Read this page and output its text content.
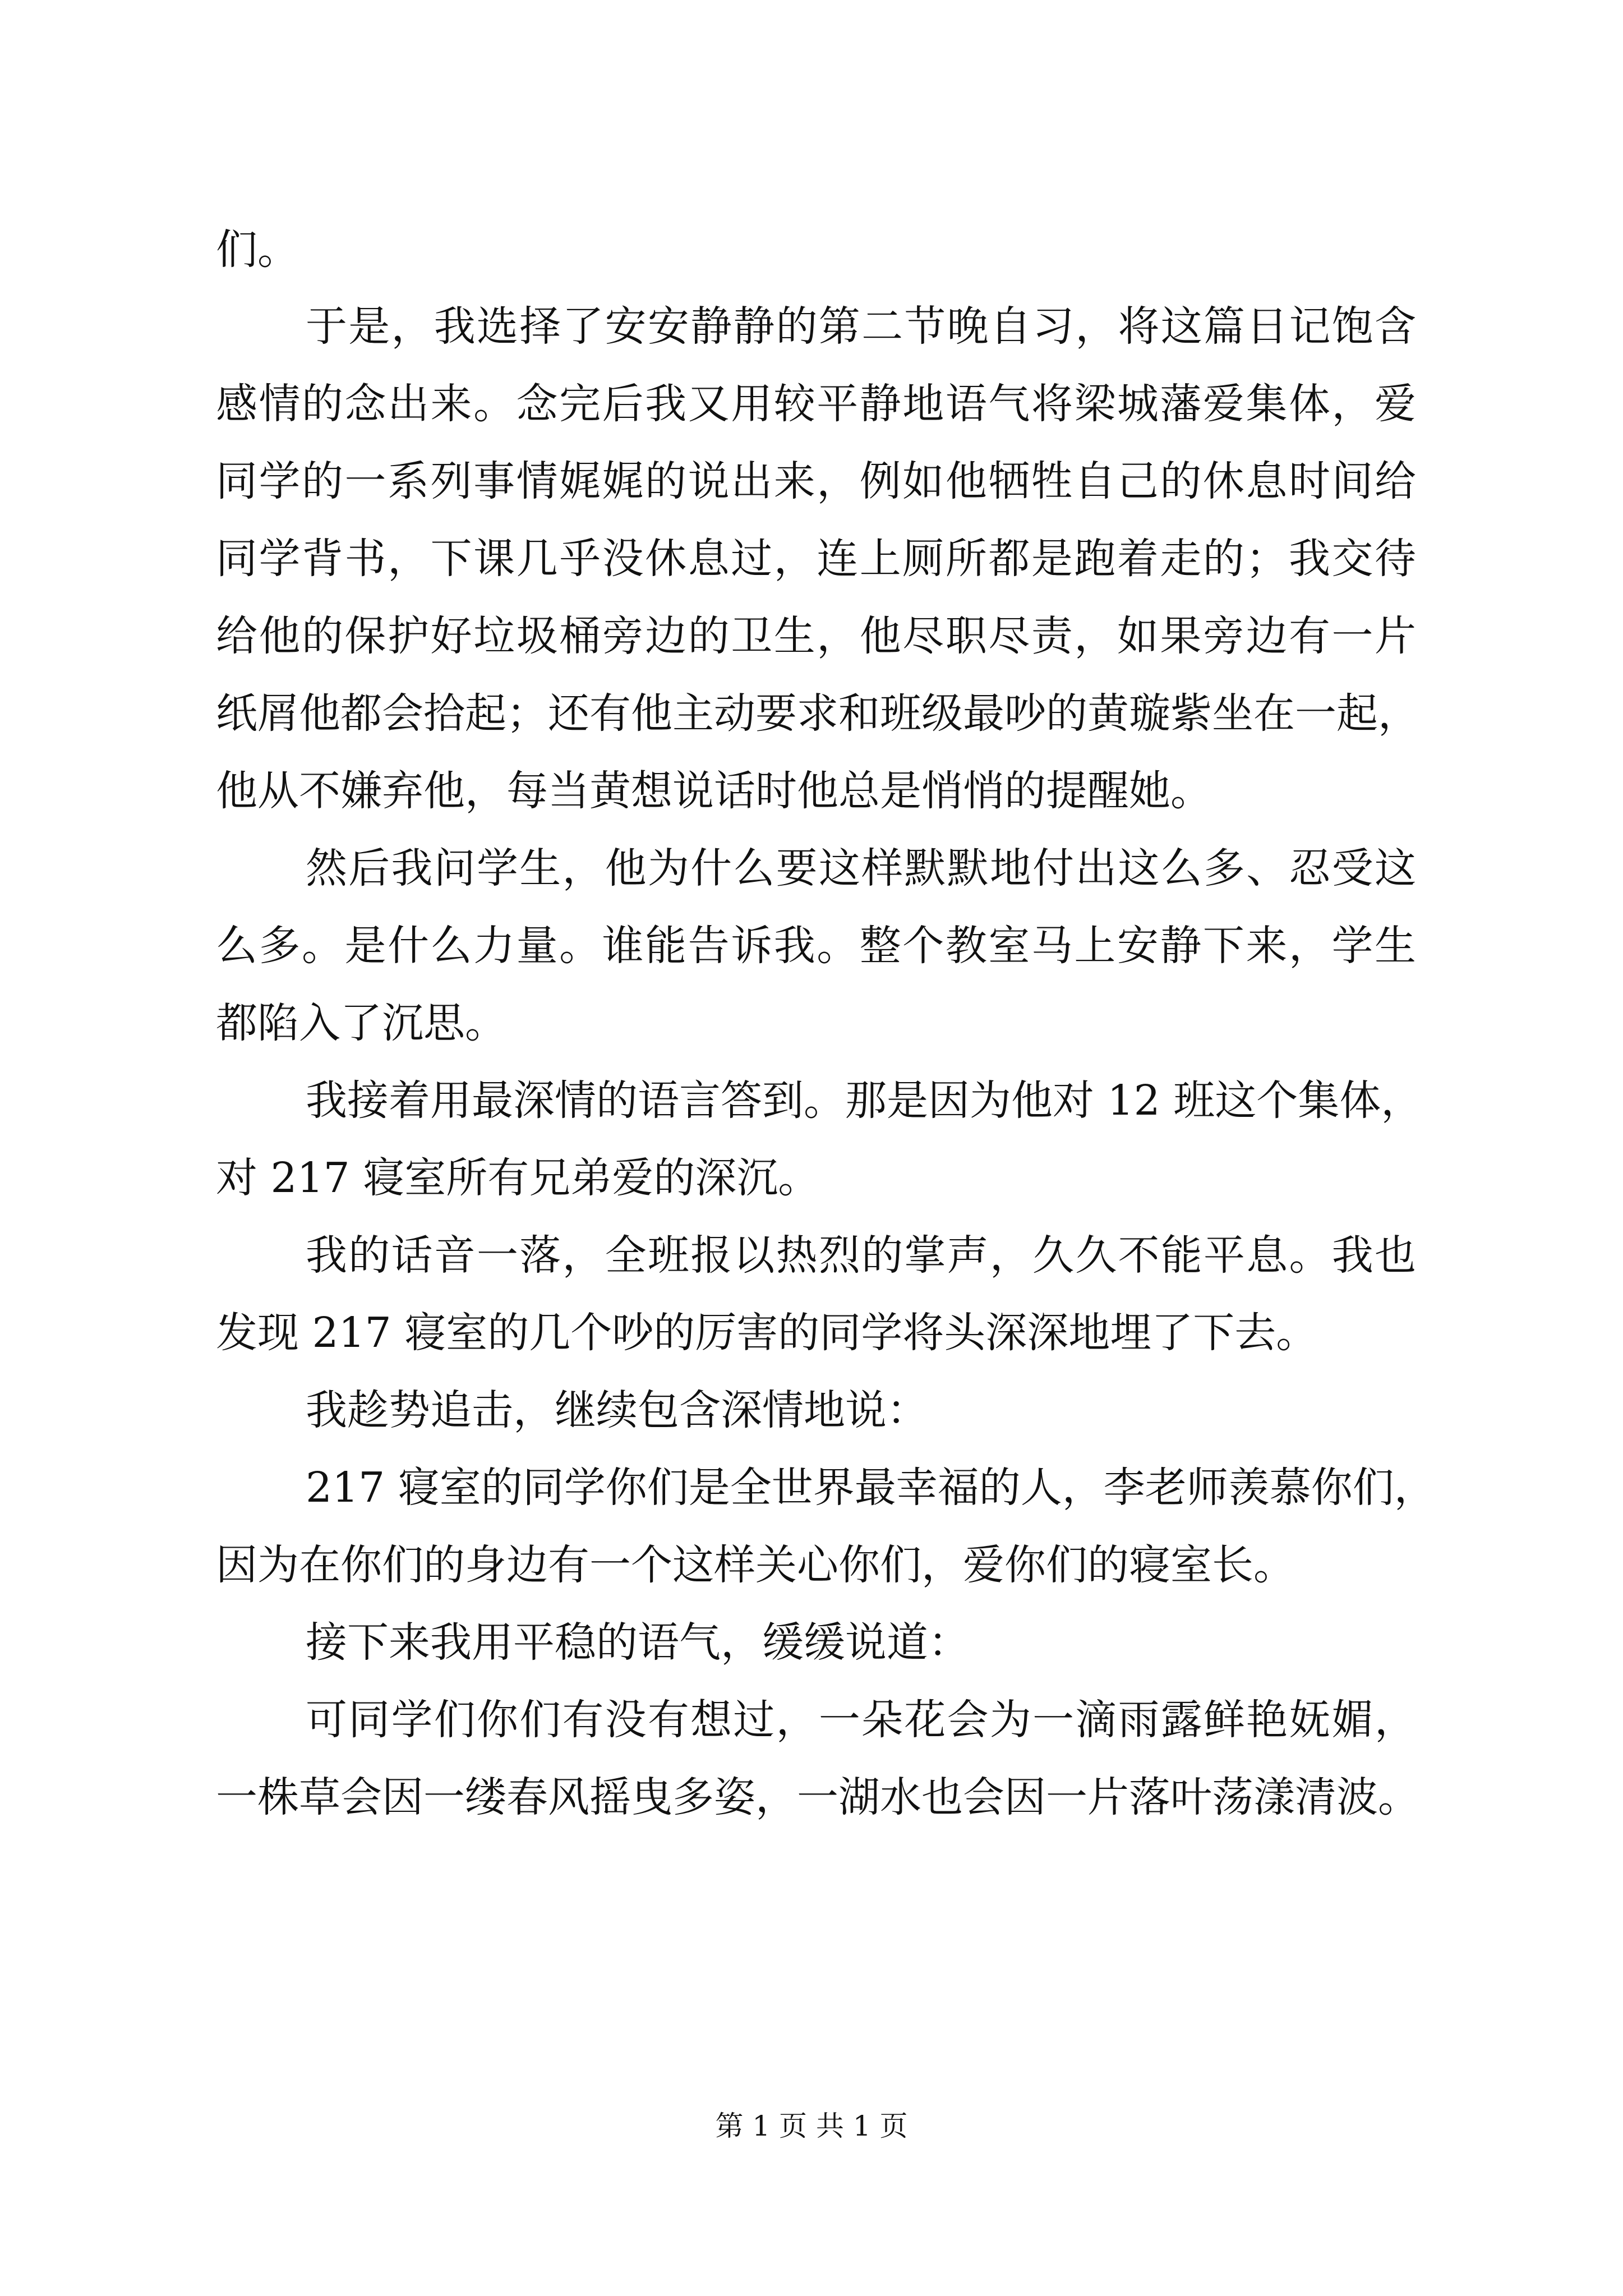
们。
于是，我选择了安安静静的第二节晚自习，将这篇日记饱含
感情的念出来。念完后我又用较平静地语气将梁城藩爱集体，爱
同学的一系列事情娓娓的说出来，例如他牺牲自己的休息时间给
同学背书，下课几乎没休息过，连上厕所都是跑着走的；我交待
给他的保护好垃圾桶旁边的卫生，他尽职尽责，如果旁边有一片
纸屑他都会拾起；还有他主动要求和班级最吵的黄璇紫坐在一起，
他从不嫌弃他，每当黄想说话时他总是悄悄的提醒她。
然后我问学生，他为什么要这样默默地付出这么多、忍受这
么多。是什么力量。谁能告诉我。整个教室马上安静下来，学生
都陷入了沉思。
我接着用最深情的语言答到。那是因为他对 12 班这个集体，
对 217 寝室所有兄弟爱的深沉。
我的话音一落，全班报以热烈的掌声，久久不能平息。我也
发现 217 寝室的几个吵的厉害的同学将头深深地埋了下去。
我趁势追击，继续包含深情地说：
217 寝室的同学你们是全世界最幸福的人，李老师羡慕你们，
因为在你们的身边有一个这样关心你们，爱你们的寝室长。
接下来我用平稳的语气，缓缓说道：
可同学们你们有没有想过，一朵花会为一滴雨露鲜艳妩媚，
一株草会因一缕春风摇曳多姿，一湖水也会因一片落叶荡漾清波。
第 1 页 共 1 页
